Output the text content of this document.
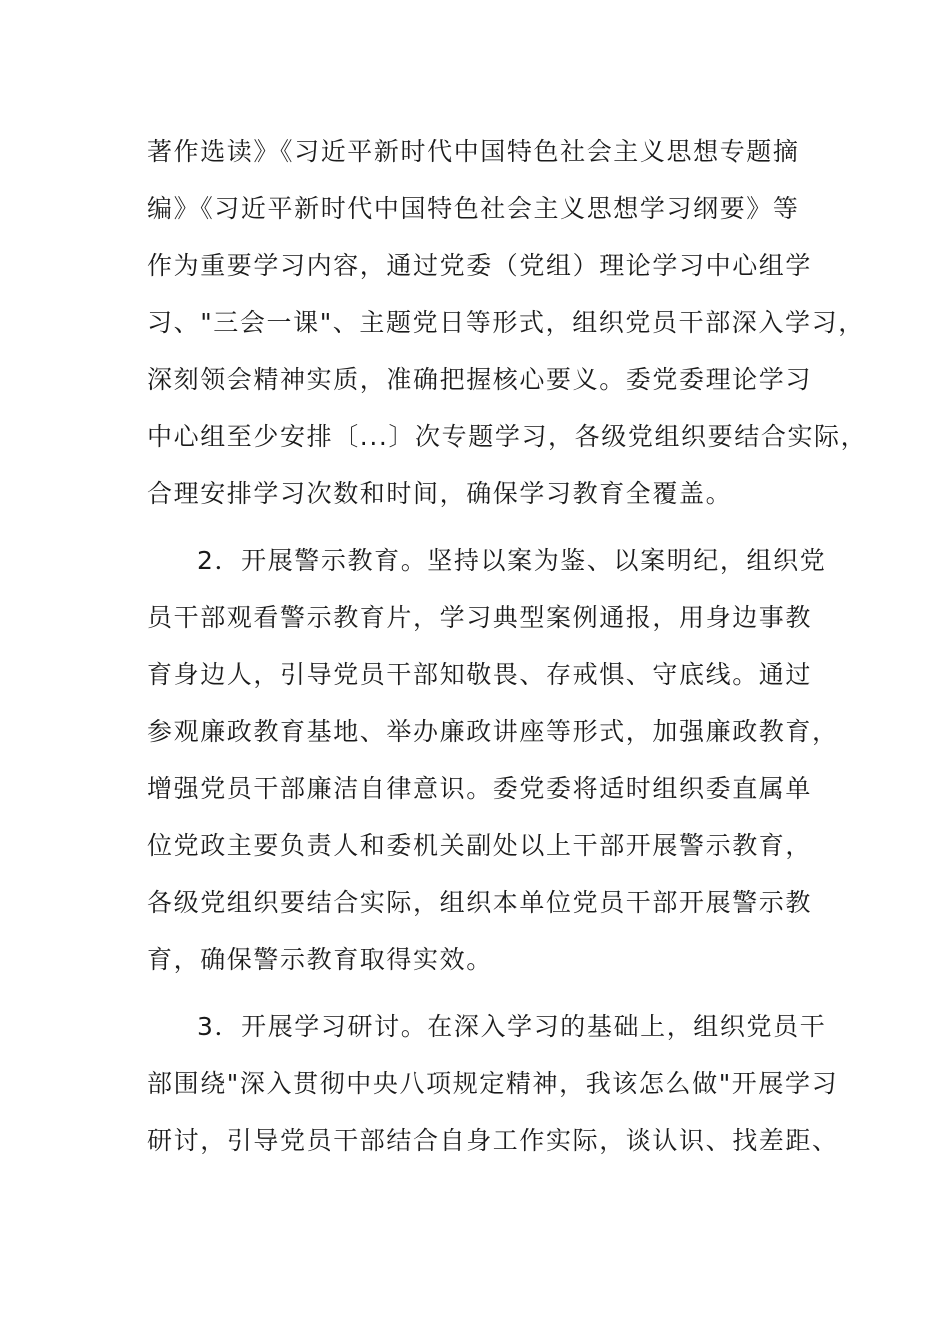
著作选读》《习近平新时代中国特色社会主义思想专题摘
编》《习近平新时代中国特色社会主义思想学习纲要》等
作为重要学习内容，通过党委（党组）理论学习中心组学
习、"三会一课"、主题党日等形式，组织党员干部深入学习，
深刻领会精神实质，准确把握核心要义。委党委理论学习
中心组至少安排〔...〕次专题学习，各级党组织要结合实际，
合理安排学习次数和时间，确保学习教育全覆盖。
2．开展警示教育。坚持以案为鉴、以案明纪，组织党
员干部观看警示教育片，学习典型案例通报，用身边事教
育身边人，引导党员干部知敬畏、存戒惧、守底线。通过
参观廉政教育基地、举办廉政讲座等形式，加强廉政教育，
增强党员干部廉洁自律意识。委党委将适时组织委直属单
位党政主要负责人和委机关副处以上干部开展警示教育，
各级党组织要结合实际，组织本单位党员干部开展警示教
育，确保警示教育取得实效。
3．开展学习研讨。在深入学习的基础上，组织党员干
部围绕"深入贯彻中央八项规定精神，我该怎么做"开展学习
研讨，引导党员干部结合自身工作实际，谈认识、找差距、
